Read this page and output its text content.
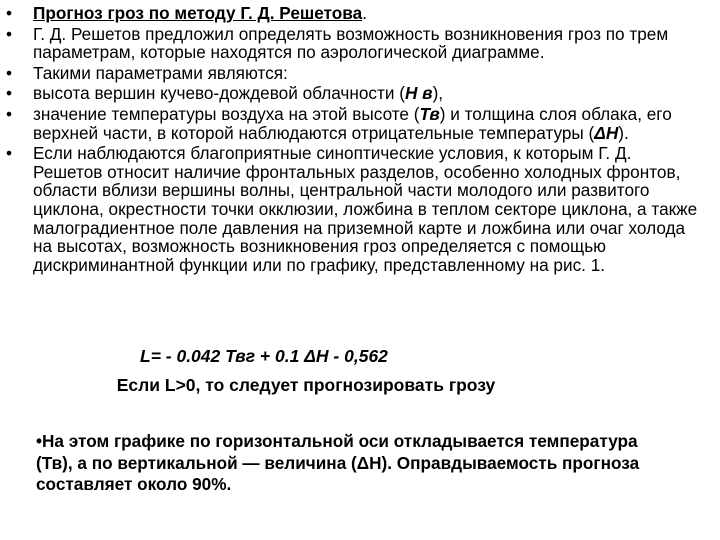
• Прогноз гроз по методу Г. Д. Решетова.
• Г. Д. Решетов предложил определять возможность возникновения гроз по трем параметрам, которые находятся по аэрологической диаграмме.
• Такими параметрами являются:
• высота вершин кучево-дождевой облачности (Н в),
• значение температуры воздуха на этой высоте (Тв) и толщина слоя облака, его верхней части, в которой наблюдаются отрицательные температуры (ΔН).
• Если наблюдаются благоприятные синоптические условия, к которым Г. Д. Решетов относит наличие фронтальных разделов, особенно холодных фронтов, области вблизи вершины волны, центральной части молодого или развитого циклона, окрестности точки окклюзии, ложбина в теплом секторе циклона, а также малоградиентное поле давления на приземной карте и ложбина или очаг холода на высотах, возможность возникновения гроз определяется с помощью дискриминантной функции или по графику, представленному на рис. 1.
L= - 0.042 Твг + 0.1 ΔН - 0,562
Если L>0, то следует прогнозировать грозу
•На этом графике по горизонтальной оси откладывается температура (Тв), а по вертикальной — величина (ΔН). Оправдываемость прогноза составляет около 90%.
